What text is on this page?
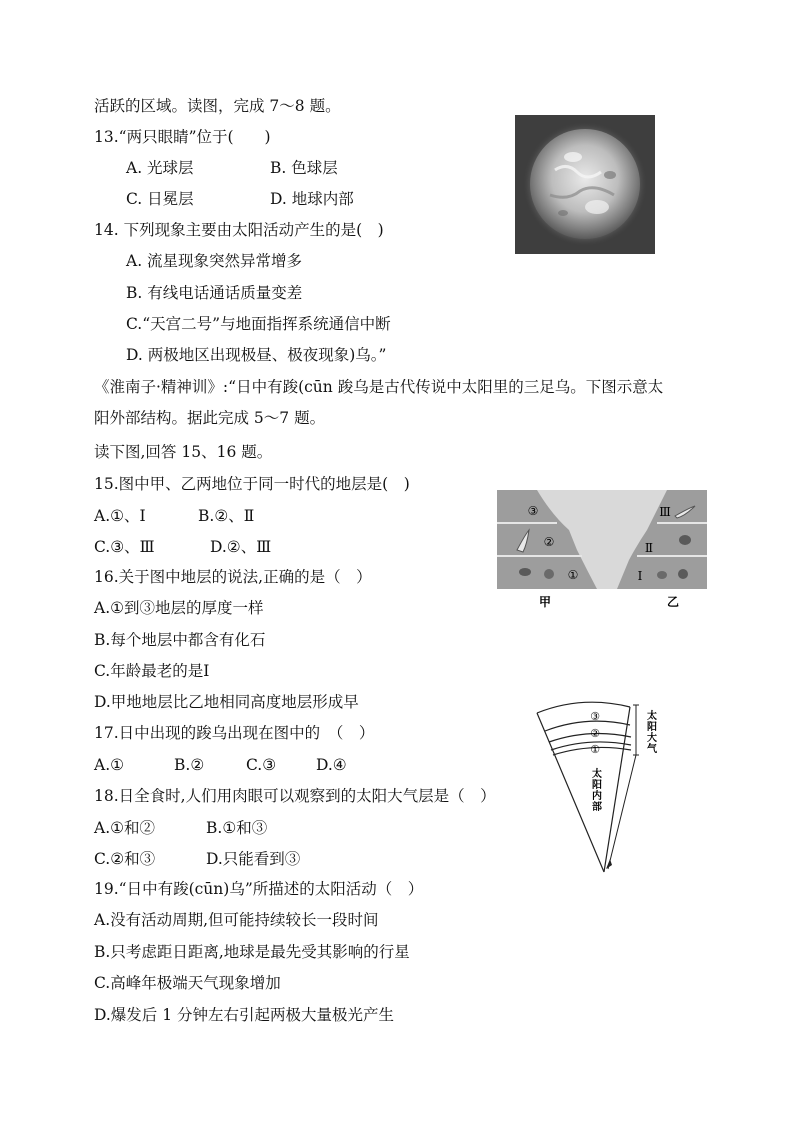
活跃的区域。读图，完成 7～8 题。
13.“两只眼睛”位于(　　)
A. 光球层	B. 色球层
C. 日冕层	D. 地球内部
14. 下列现象主要由太阳活动产生的是(　)
A. 流星现象突然异常增多
B. 有线电话通话质量变差
C.“天宫二号”与地面指挥系统通信中断
D. 两极地区出现极昼、极夜现象)乌。”
《淮南子·精神训》:“日中有踆(cūn 踆乌是古代传说中太阳里的三足乌。下图示意太
阳外部结构。据此完成 5～7 题。
读下图,回答 15、16 题。
15.图中甲、乙两地位于同一时代的地层是(　)
A.①、Ⅰ	B.②、Ⅱ
C.③、Ⅲ	D.②、Ⅲ
16.关于图中地层的说法,正确的是（　）
A.①到③地层的厚度一样
B.每个地层中都含有化石
C.年龄最老的是Ⅰ
D.甲地地层比乙地相同高度地层形成早
17.日中出现的踆乌出现在图中的　（　）
A.①	B.②	C.③	D.④
18.日全食时,人们用肉眼可以观察到的太阳大气层是（　）
A.①和②	B.①和③
C.②和③	D.只能看到③
19.“日中有踆(cūn)乌”所描述的太阳活动（　）
A.没有活动周期,但可能持续较长一段时间
B.只考虑距日距离,地球是最先受其影响的行星
C.高峰年极端天气现象增加
D.爆发后 1 分钟左右引起两极大量极光产生
③
②
①
Ⅲ
Ⅱ
Ⅰ
甲	乙
③
②
①
太阳大气
太阳内部
